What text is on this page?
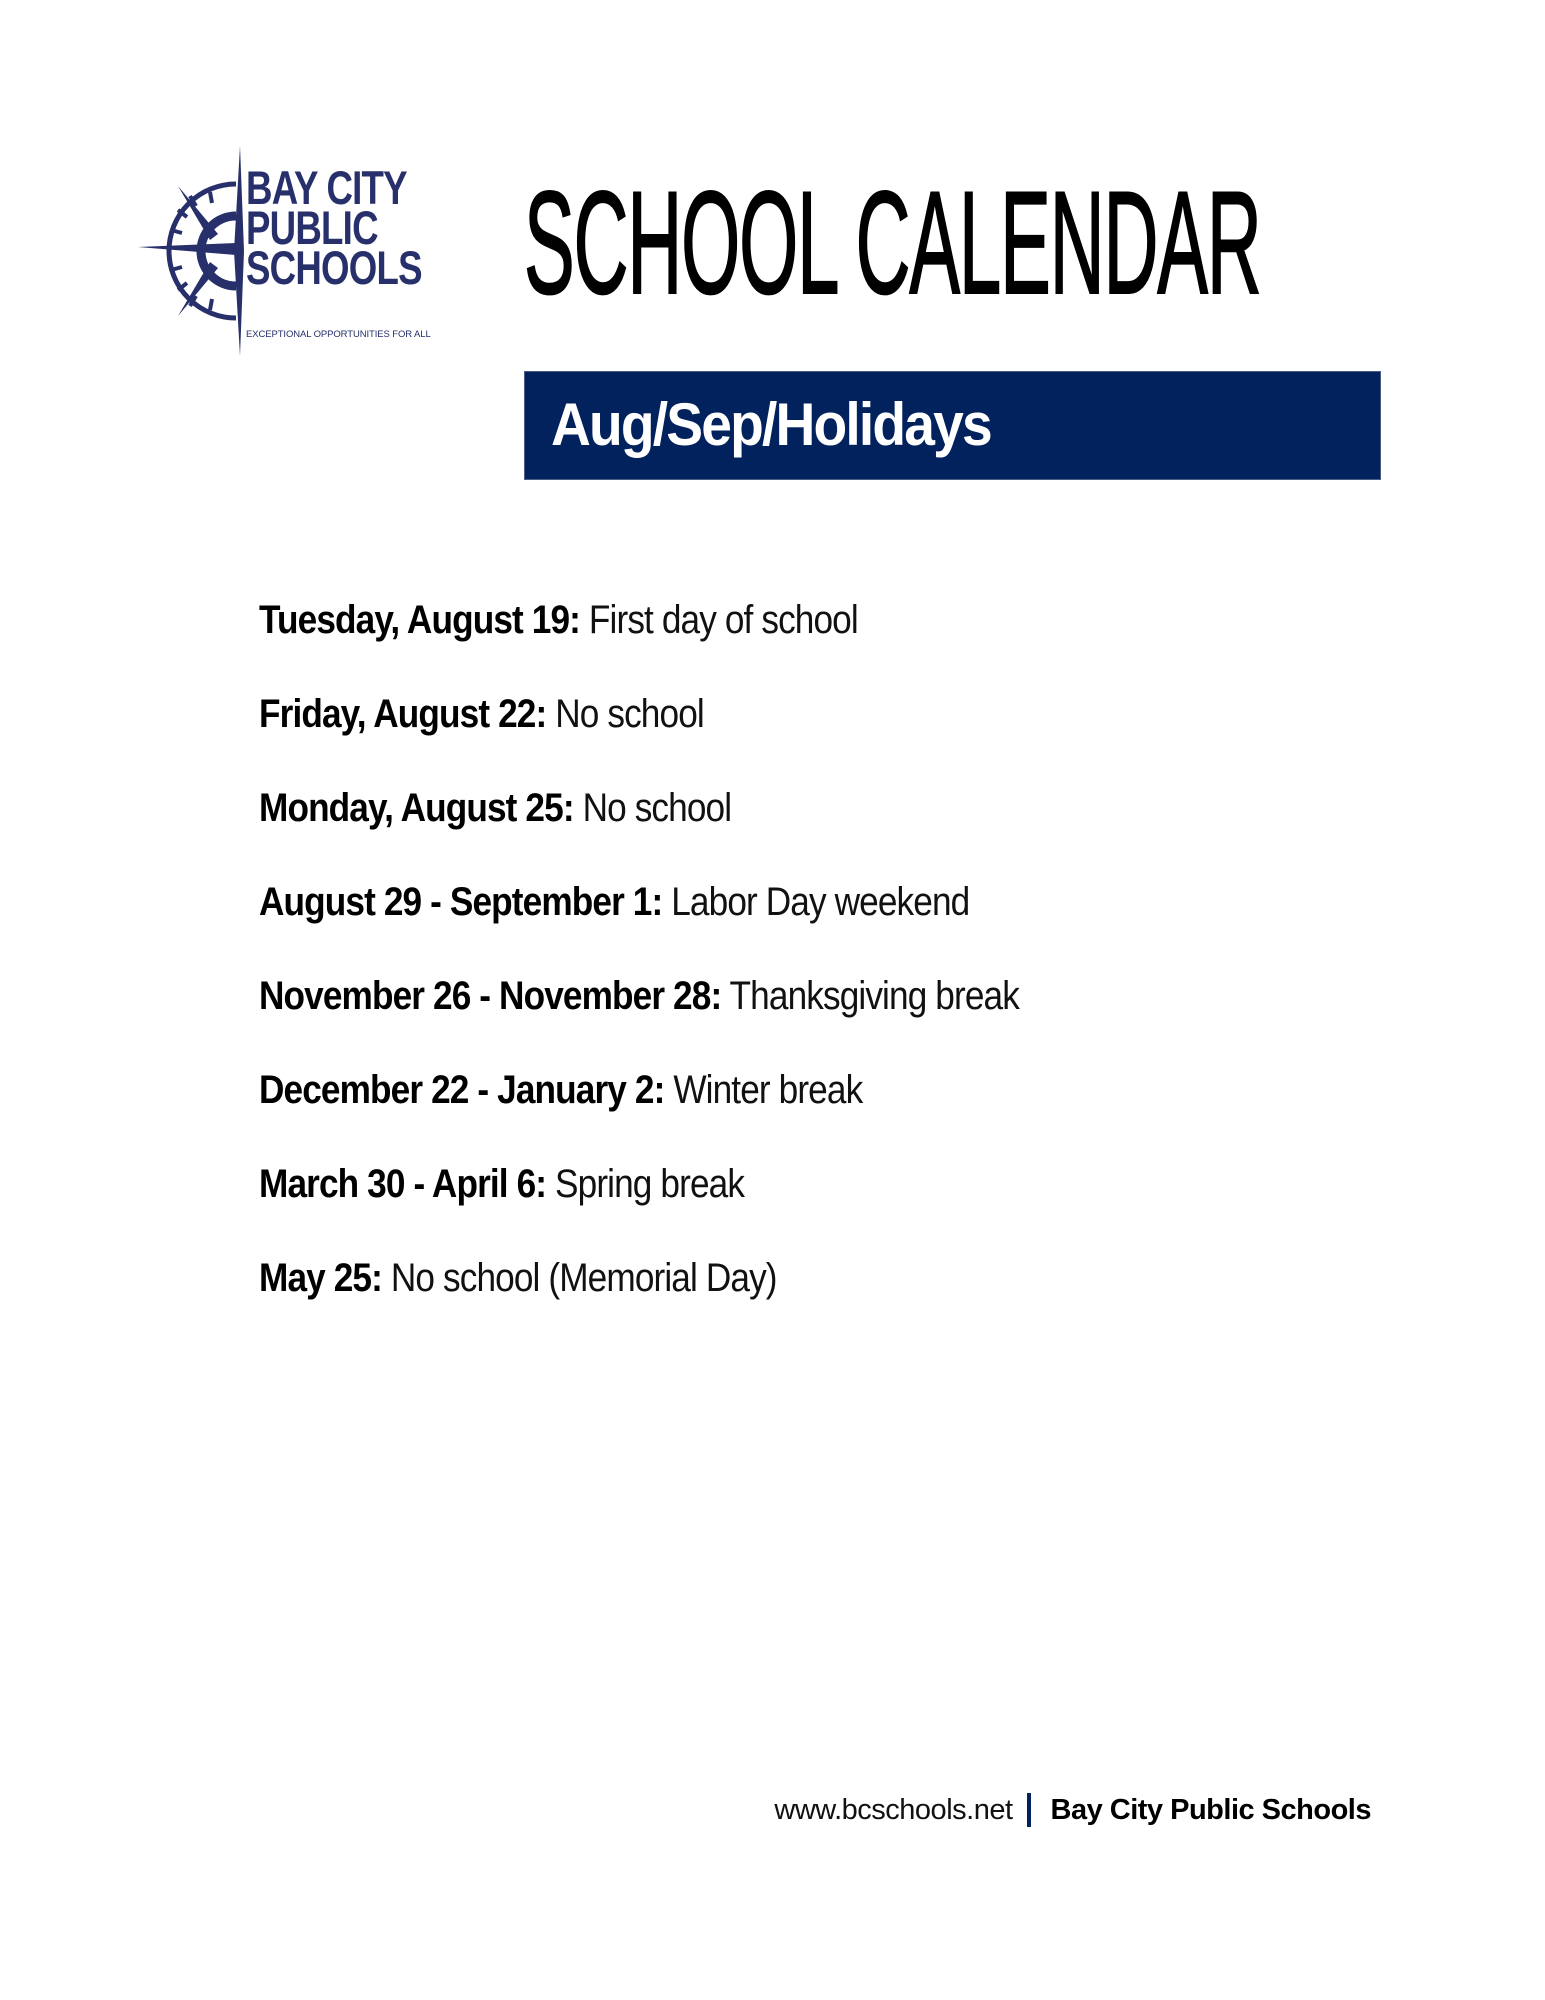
BAY CITY
PUBLIC
SCHOOLS
EXCEPTIONAL OPPORTUNITIES FOR ALL
SCHOOL CALENDAR
Aug/Sep/Holidays
Tuesday, August 19: First day of school
Friday, August 22: No school
Monday, August 25: No school
August 29 - September 1: Labor Day weekend
November 26 - November 28: Thanksgiving break
December 22 - January 2: Winter break
March 30 - April 6: Spring break
May 25: No school (Memorial Day)
www.bcschools.net Bay City Public Schools
